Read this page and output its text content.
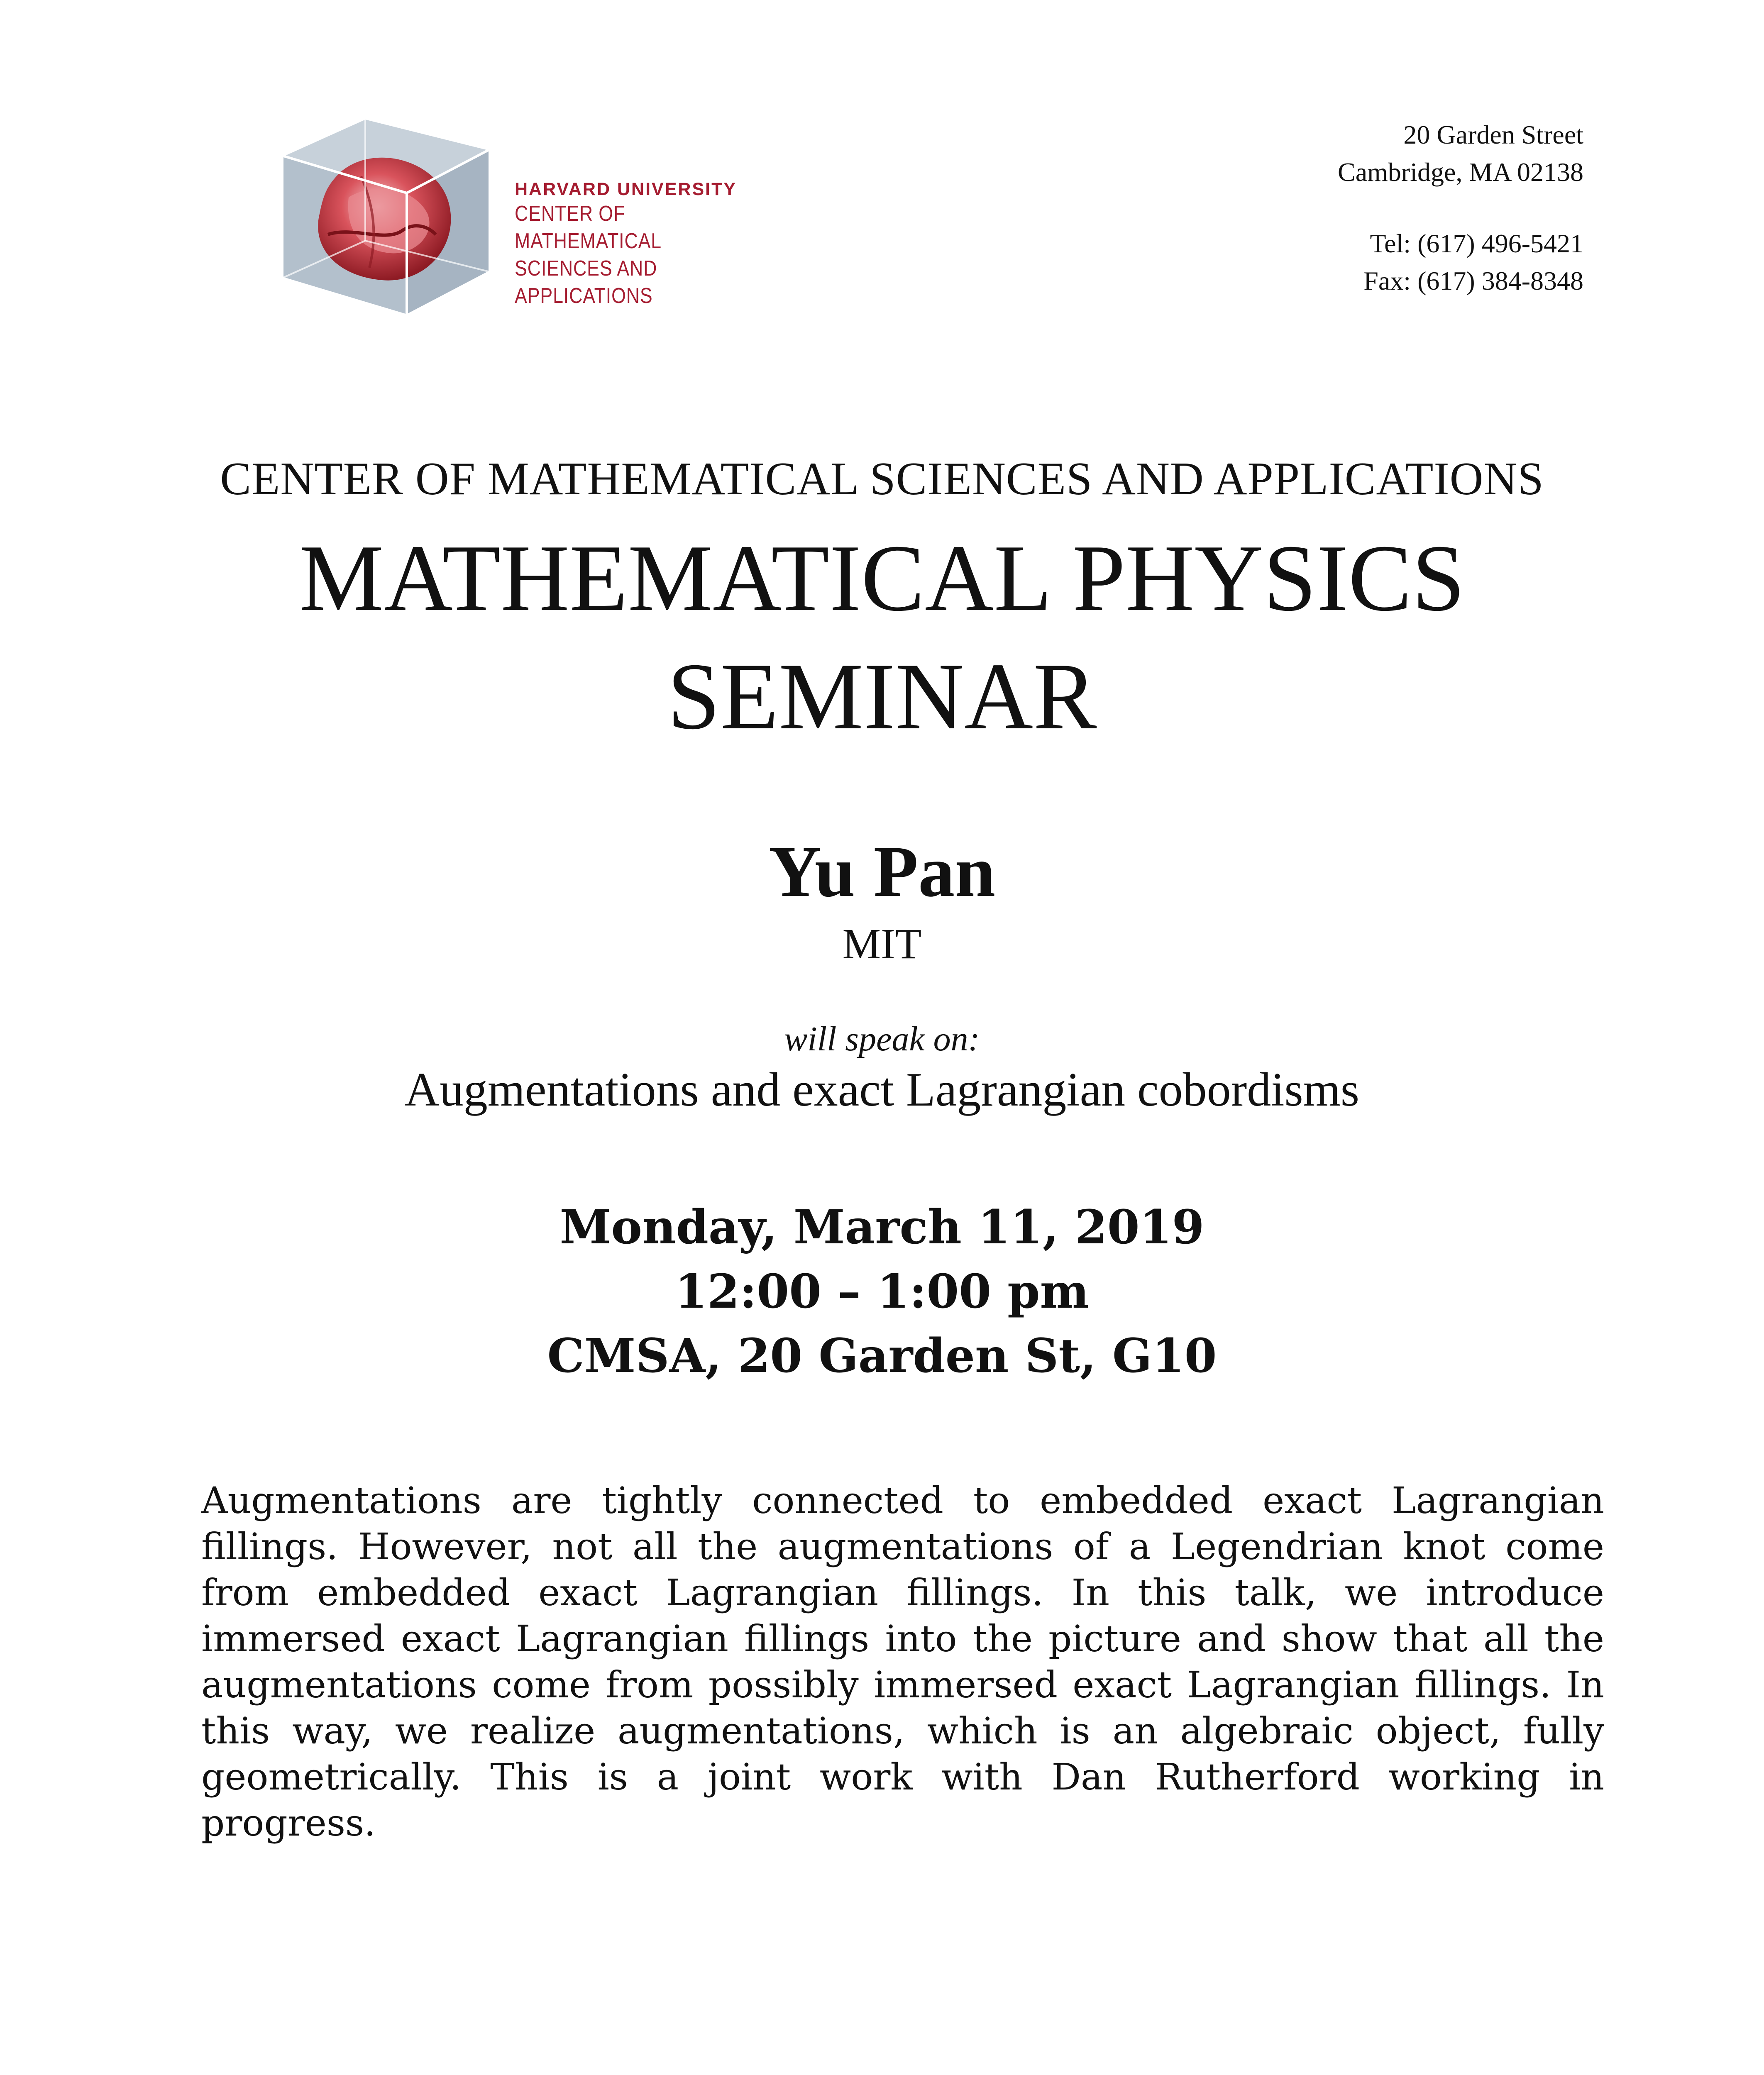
HARVARD UNIVERSITY
CENTER OF MATHEMATICAL
SCIENCES AND APPLICATIONS
20 Garden Street
Cambridge, MA 02138
Tel: (617) 496-5421
Fax: (617) 384-8348
CENTER OF MATHEMATICAL SCIENCES AND APPLICATIONS
MATHEMATICAL PHYSICS
SEMINAR
Yu Pan
MIT
will speak on:
Augmentations and exact Lagrangian cobordisms
Monday, March 11, 2019
12:00 – 1:00 pm
CMSA, 20 Garden St, G10
Augmentations are tightly connected to embedded exact Lagrangian fillings. However, not all the augmentations of a Legendrian knot come from embedded exact Lagrangian fillings. In this talk, we introduce immersed exact Lagrangian fillings into the picture and show that all the augmentations come from possibly immersed exact Lagrangian fillings. In this way, we realize augmentations, which is an algebraic object, fully geometrically. This is a joint work with Dan Rutherford working in progress.
